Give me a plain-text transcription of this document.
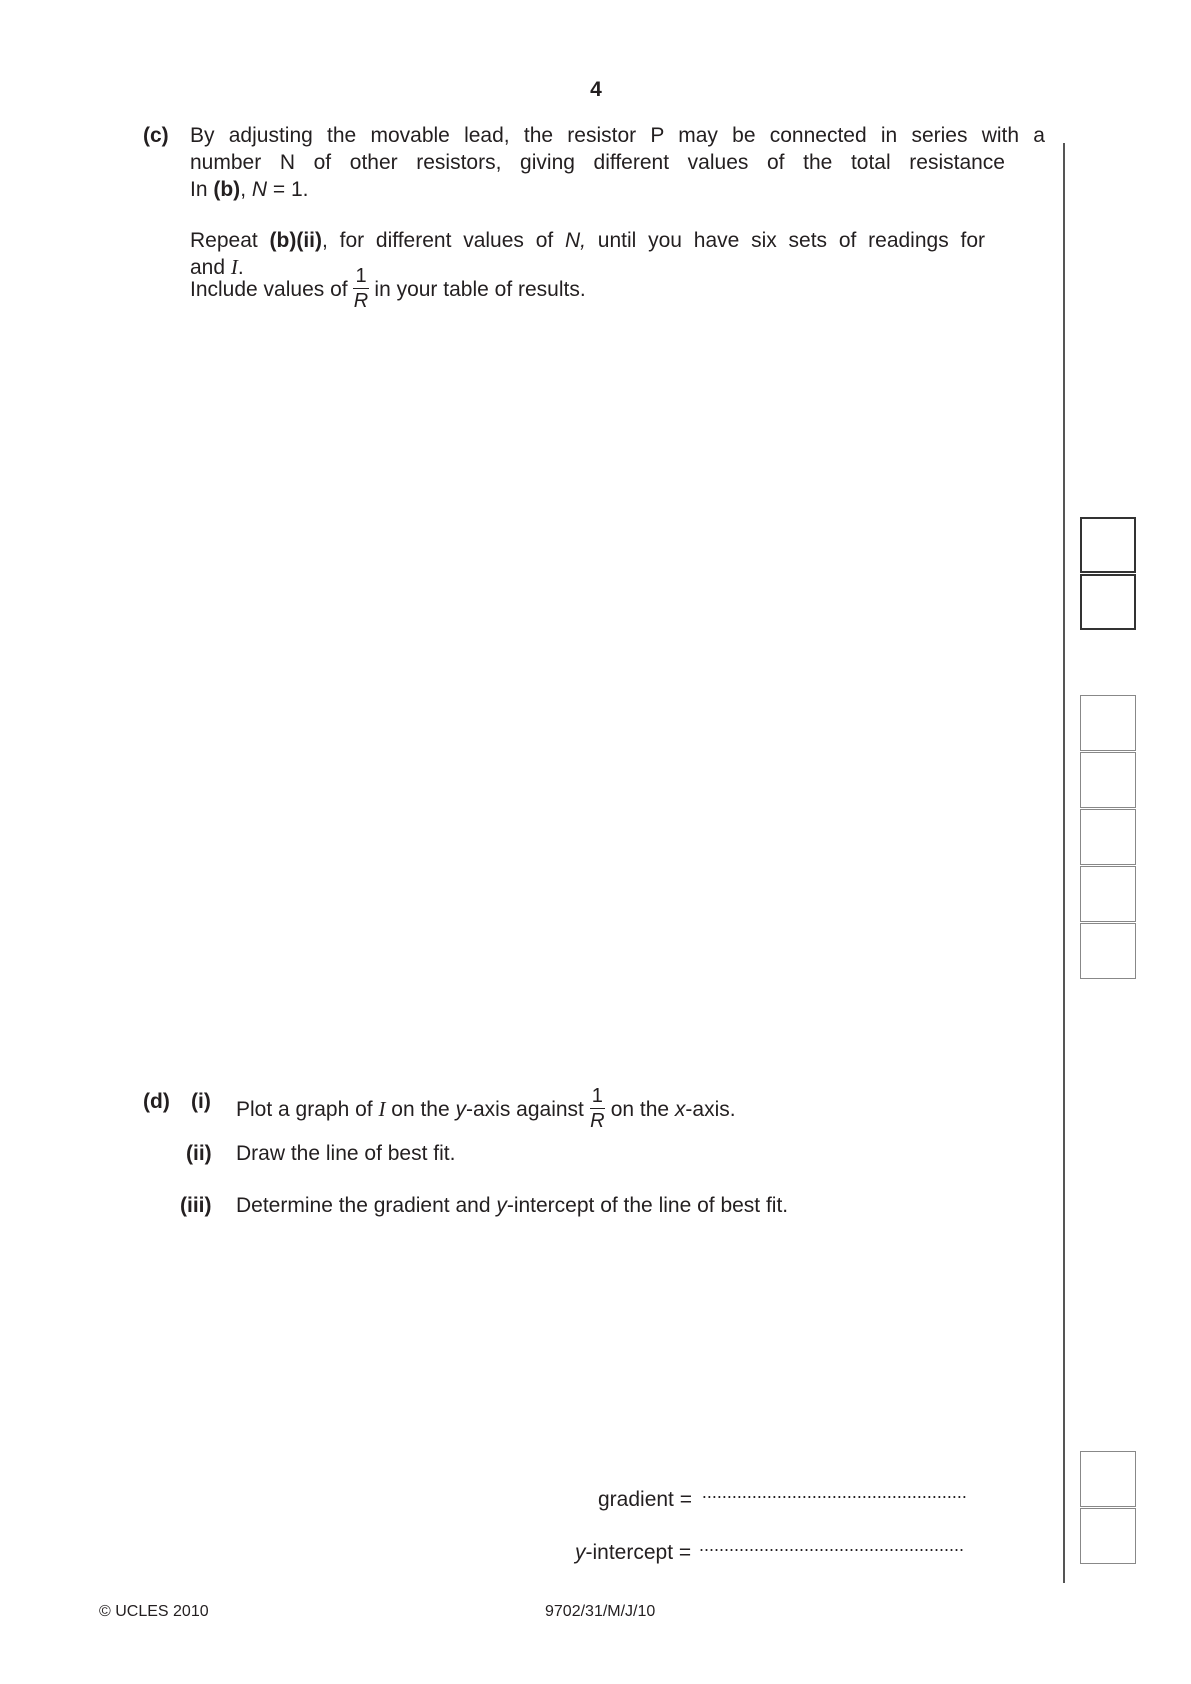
4
(c) By adjusting the movable lead, the resistor P may be connected in series with a
number N of other resistors, giving different values of the total resistance
In (b), N = 1.
Repeat (b)(ii), for different values of N, until you have six sets of readings for
and I.
Include values of $\frac{1}{R}$ in your table of results.
(d) (i) Plot a graph of I on the y-axis against $\frac{1}{R}$ on the x-axis.
(ii) Draw the line of best fit.
(iii) Determine the gradient and y-intercept of the line of best fit.
gradient = .....................................................
y-intercept = .....................................................
© UCLES 2010	9702/31/M/J/10
